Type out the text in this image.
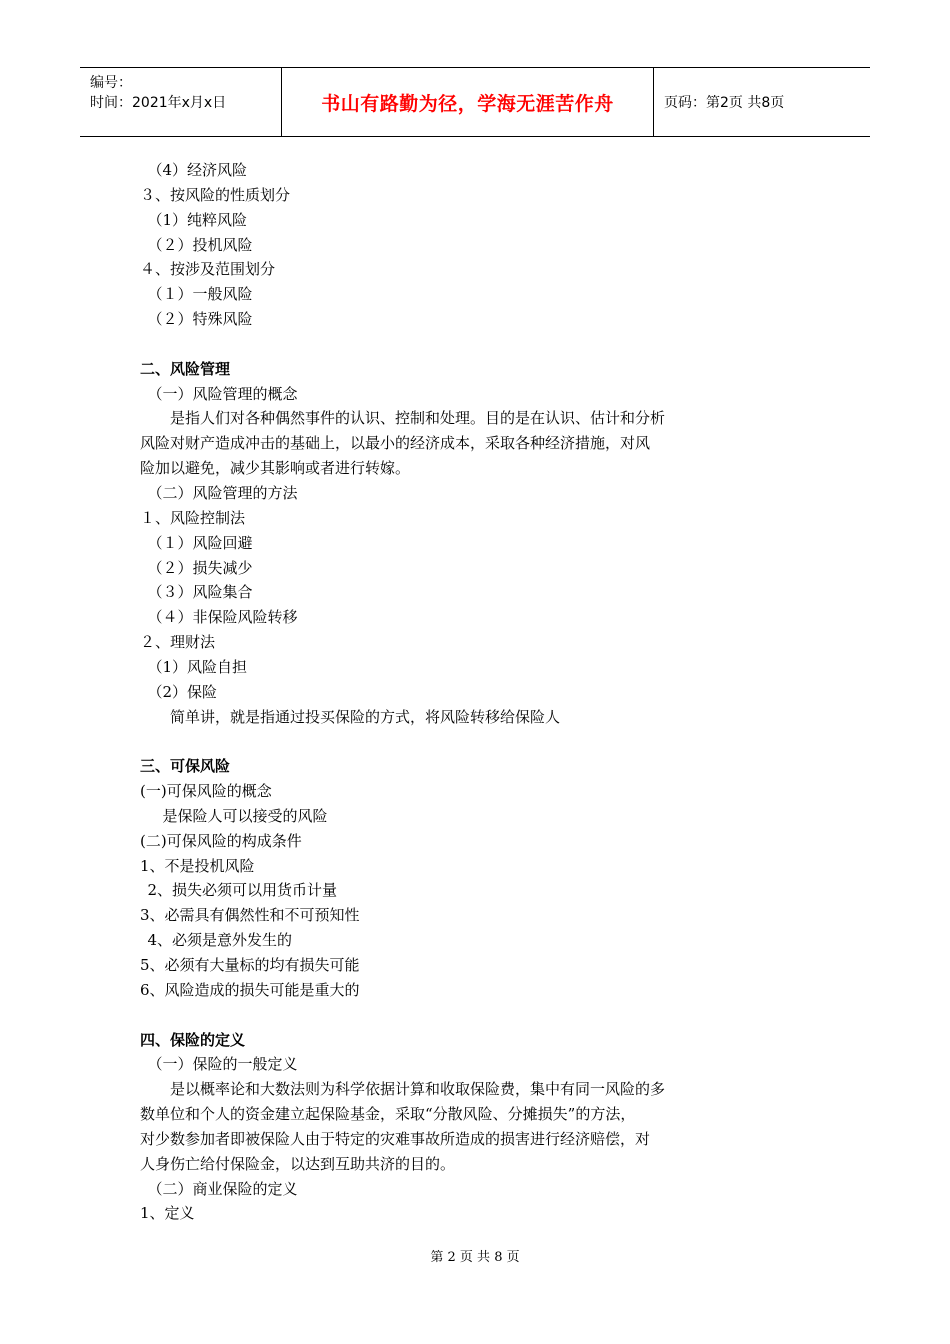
编号：
时间：2021年x月x日	书山有路勤为径，学海无涯苦作舟	页码：第2页 共8页
（4）经济风险
３、按风险的性质划分
（1）纯粹风险
（２）投机风险
４、按涉及范围划分
（１）一般风险
（２）特殊风险
二、风险管理
（一）风险管理的概念
是指人们对各种偶然事件的认识、控制和处理。目的是在认识、估计和分析
风险对财产造成冲击的基础上，以最小的经济成本，采取各种经济措施，对风
险加以避免，减少其影响或者进行转嫁。
（二）风险管理的方法
１、风险控制法
（１）风险回避
（２）损失减少
（３）风险集合
（４）非保险风险转移
２、理财法
（1）风险自担
（2）保险
简单讲，就是指通过投买保险的方式，将风险转移给保险人
三、可保风险
(一)可保风险的概念
是保险人可以接受的风险
(二)可保风险的构成条件
1、不是投机风险
2、损失必须可以用货币计量
3、必需具有偶然性和不可预知性
4、必须是意外发生的
5、必须有大量标的均有损失可能
6、风险造成的损失可能是重大的
四、保险的定义
（一）保险的一般定义
是以概率论和大数法则为科学依据计算和收取保险费，集中有同一风险的多
数单位和个人的资金建立起保险基金，采取“分散风险、分摊损失”的方法，
对少数参加者即被保险人由于特定的灾难事故所造成的损害进行经济赔偿，对
人身伤亡给付保险金，以达到互助共济的目的。
（二）商业保险的定义
1、定义
第 2 页 共 8 页
